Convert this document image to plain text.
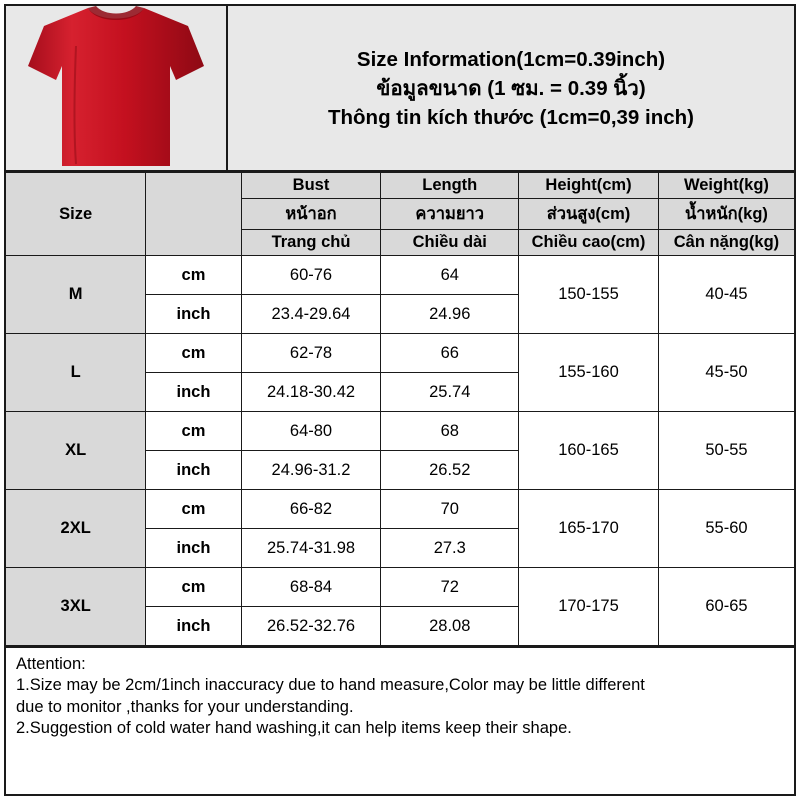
Size Information(1cm=0.39inch)
ข้อมูลขนาด (1 ซม. = 0.39 นิ้ว)
Thông tin kích thước (1cm=0,39 inch)
Size		Bust	Length	Height(cm)	Weight(kg)
		หน้าอก	ความยาว	ส่วนสูง(cm)	น้ำหนัก(kg)
		Trang chủ	Chiều dài	Chiều cao(cm)	Cân nặng(kg)
M	cm	60-76	64	150-155	40-45
	inch	23.4-29.64	24.96		
L	cm	62-78	66	155-160	45-50
	inch	24.18-30.42	25.74		
XL	cm	64-80	68	160-165	50-55
	inch	24.96-31.2	26.52		
2XL	cm	66-82	70	165-170	55-60
	inch	25.74-31.98	27.3		
3XL	cm	68-84	72	170-175	60-65
	inch	26.52-32.76	28.08		
Attention:
1.Size may be 2cm/1inch inaccuracy due to hand measure,Color may be little different
due to monitor ,thanks for your understanding.
2.Suggestion of cold water hand washing,it can help items keep their shape.
